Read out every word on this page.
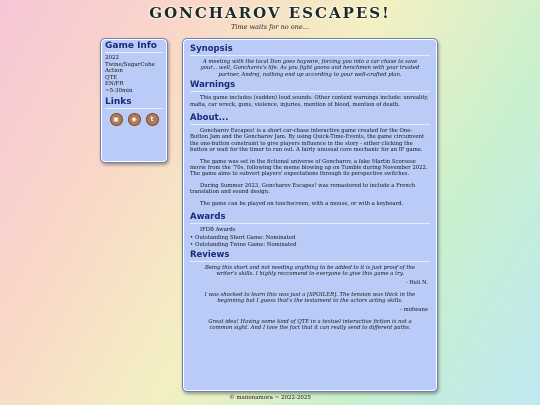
GONCHAROV ESCAPES!
Time waits for no one...
Game Info
2022
Twine/SugarCube
Action
QTE
EN/FR
~5-30min
Links
▣	◉	t
Synopsis

A meeting with the local Don goes haywire, forcing you into a car chase to save your... well, Goncharov's life. As you fight goons and henchmen with your trusted partner, Andrej, nothing end up according to your well-crafted plan.

Warnings

This game includes (sudden) loud sounds. Other content warnings include: unreality, mafia, car wreck, guns, violence, injuries, mention of blood, mention of death.

About...

Goncharov Escapes! is a short car-chase interactive game created for the One-Button Jam and the Goncharov Jam. By using Quick-Time-Events, the game circumvent the one-button constraint to give players influence in the story - either clicking the button or wait for the timer to run out. A fairly unusual core mechanic for an IF game.

The game was set in the fictional universe of Goncharov, a fake Martin Scorsese movie from the '70s, following the meme blowing up on Tumble during November 2022. The game aims to subvert players' expectations through its perspective switches.

During Summer 2023, Goncharov Escapes! was remastered to include a French translation and sound design.

The game can be played on touchscreen, with a mouse, or with a keyboard.

Awards
IFDB Awards
• Outstanding Short Game: Nominated
• Outstanding Twine Game: Nominated
Reviews

Being this short and not needing anything to be added to it is just proof of the writer's skills. I highly reccomend to everyone to give this game a try.

- Heli N.

I was shocked to learn this was just a [SPOILER]. The tension was thick in the beginning but I guess that's the testament to the actors acting skills.

- midwane

Great idea! Having some kind of QTE in a textuel interactive fiction is not a common sight. And I love the fact that it can really send to different paths.

© manonamora ~ 2022-2025
